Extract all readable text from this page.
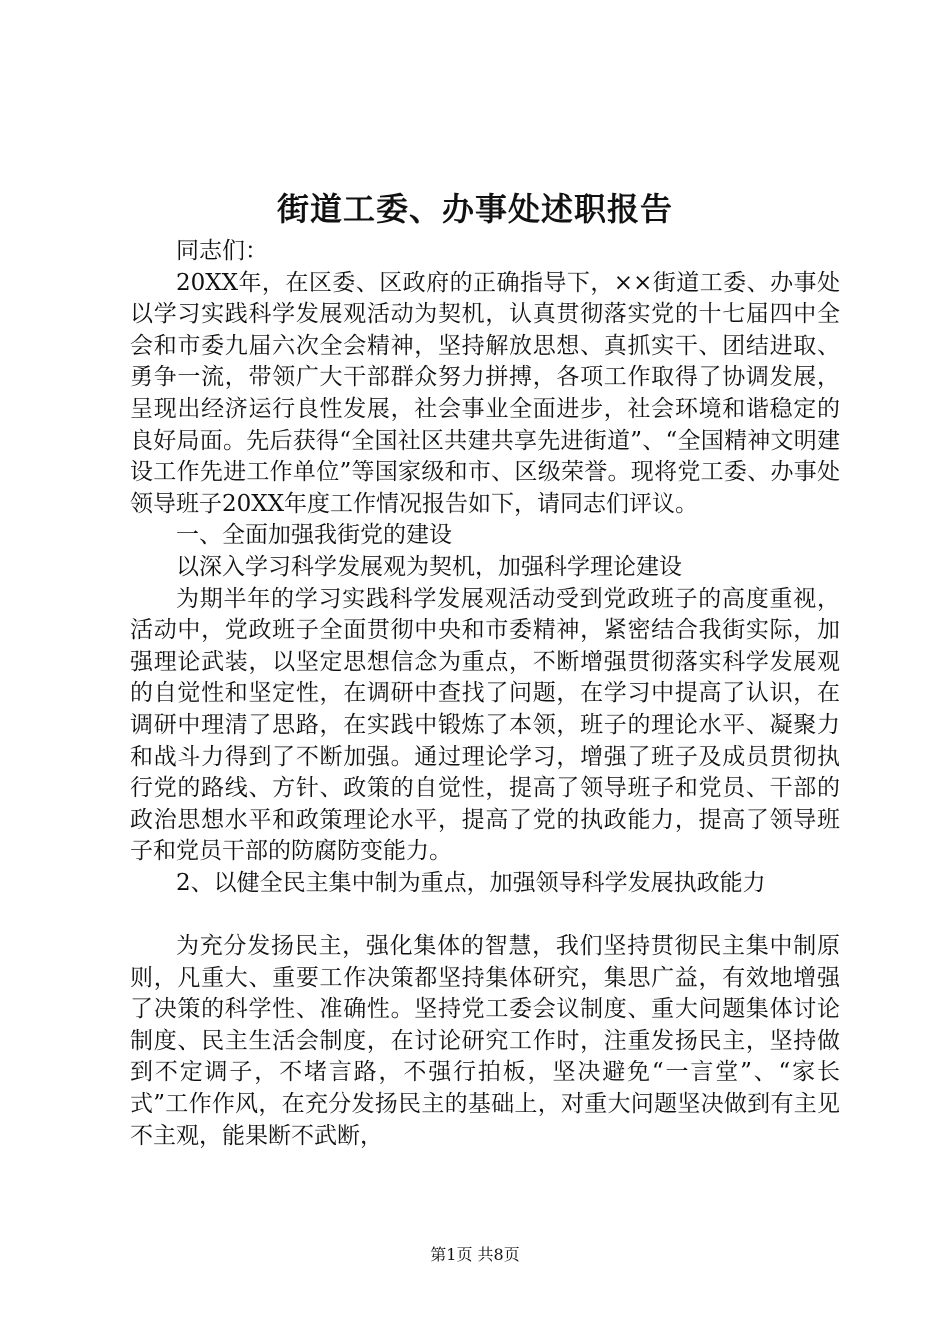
街道工委、办事处述职报告

同志们：

20XX年，在区委、区政府的正确指导下，××街道工委、办事处以学习实践科学发展观活动为契机，认真贯彻落实党的十七届四中全会和市委九届六次全会精神，坚持解放思想、真抓实干、团结进取、勇争一流，带领广大干部群众努力拼搏，各项工作取得了协调发展，呈现出经济运行良性发展，社会事业全面进步，社会环境和谐稳定的良好局面。先后获得“全国社区共建共享先进街道”、“全国精神文明建设工作先进工作单位”等国家级和市、区级荣誉。现将党工委、办事处领导班子20XX年度工作情况报告如下，请同志们评议。

一、全面加强我街党的建设

以深入学习科学发展观为契机，加强科学理论建设

为期半年的学习实践科学发展观活动受到党政班子的高度重视，活动中，党政班子全面贯彻中央和市委精神，紧密结合我街实际，加强理论武装，以坚定思想信念为重点，不断增强贯彻落实科学发展观的自觉性和坚定性，在调研中查找了问题，在学习中提高了认识，在调研中理清了思路，在实践中锻炼了本领，班子的理论水平、凝聚力和战斗力得到了不断加强。通过理论学习，增强了班子及成员贯彻执行党的路线、方针、政策的自觉性，提高了领导班子和党员、干部的政治思想水平和政策理论水平，提高了党的执政能力，提高了领导班子和党员干部的防腐防变能力。

2、以健全民主集中制为重点，加强领导科学发展执政能力

为充分发扬民主，强化集体的智慧，我们坚持贯彻民主集中制原则，凡重大、重要工作决策都坚持集体研究，集思广益，有效地增强了决策的科学性、准确性。坚持党工委会议制度、重大问题集体讨论制度、民主生活会制度，在讨论研究工作时，注重发扬民主，坚持做到不定调子，不堵言路，不强行拍板，坚决避免“一言堂”、“家长式”工作作风，在充分发扬民主的基础上，对重大问题坚决做到有主见不主观，能果断不武断，

第1页 共8页
